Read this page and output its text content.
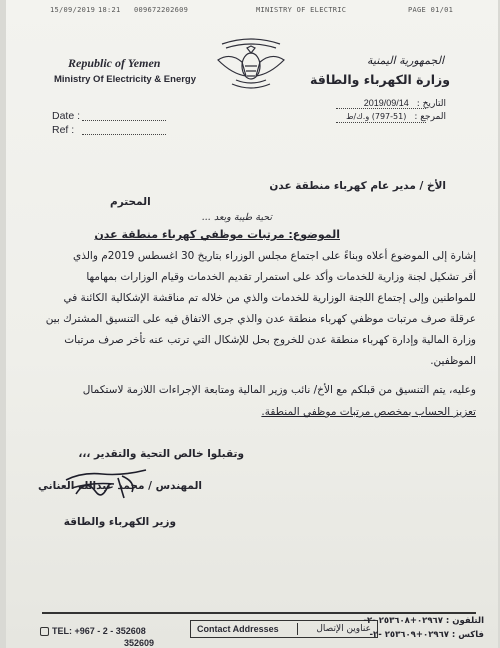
15/09/2019 18:21 009672202609	MINISTRY OF ELECTRIC	PAGE 01/01
Republic of Yemen
Ministry Of Electricity & Energy
الجمهورية اليمنية
وزارة الكهرباء والطاقة
Date :
Ref :
التاريخ :
2019/09/14
المرجع :
(797-51) و.ك/ط
الأخ / مدير عام كهرباء منطقة عدن
المحترم
تحية طيبة وبعد ...
الموضوع: مرتبات موظفي كهرباء منطقة عدن
إشارة إلى الموضوع أعلاه وبناءً على اجتماع مجلس الوزراء بتاريخ 30 اغسطس 2019م والذي
أقر تشكيل لجنة وزارية للخدمات وأكد على استمرار تقديم الخدمات وقيام الوزارات بمهامها
للمواطنين وإلى إجتماع اللجنة الوزارية للخدمات والذي من خلاله تم مناقشة الإشكالية الكائنة في
عرقلة صرف مرتبات موظفي كهرباء منطقة عدن والذي جرى الاتفاق فيه على التنسيق المشترك بين
وزارة المالية وإدارة كهرباء منطقة عدن للخروج بحل للإشكال التي ترتب عنه تأخر صرف مرتبات
الموظفين.
وعليه، يتم التنسيق من قبلكم مع الأخ/ نائب وزير المالية ومتابعة الإجراءات اللازمة لاستكمال
تعزيز الحساب بمخصص مرتبات موظفي المنطقة.
وتقبلوا خالص التحية والتقدير ،،،
المهندس / محمد عبدالله العناني
وزير الكهرباء والطاقة
TEL: +967 - 2 - 352608
352609
Contact Addresses	عناوين الإتصال
التلفون : ٠٢٩٦٧+٢٥٣٦٠٨ -٢-
فاكس : ٠٢٩٦٧+٢٥٣٦٠٩ -٢-
